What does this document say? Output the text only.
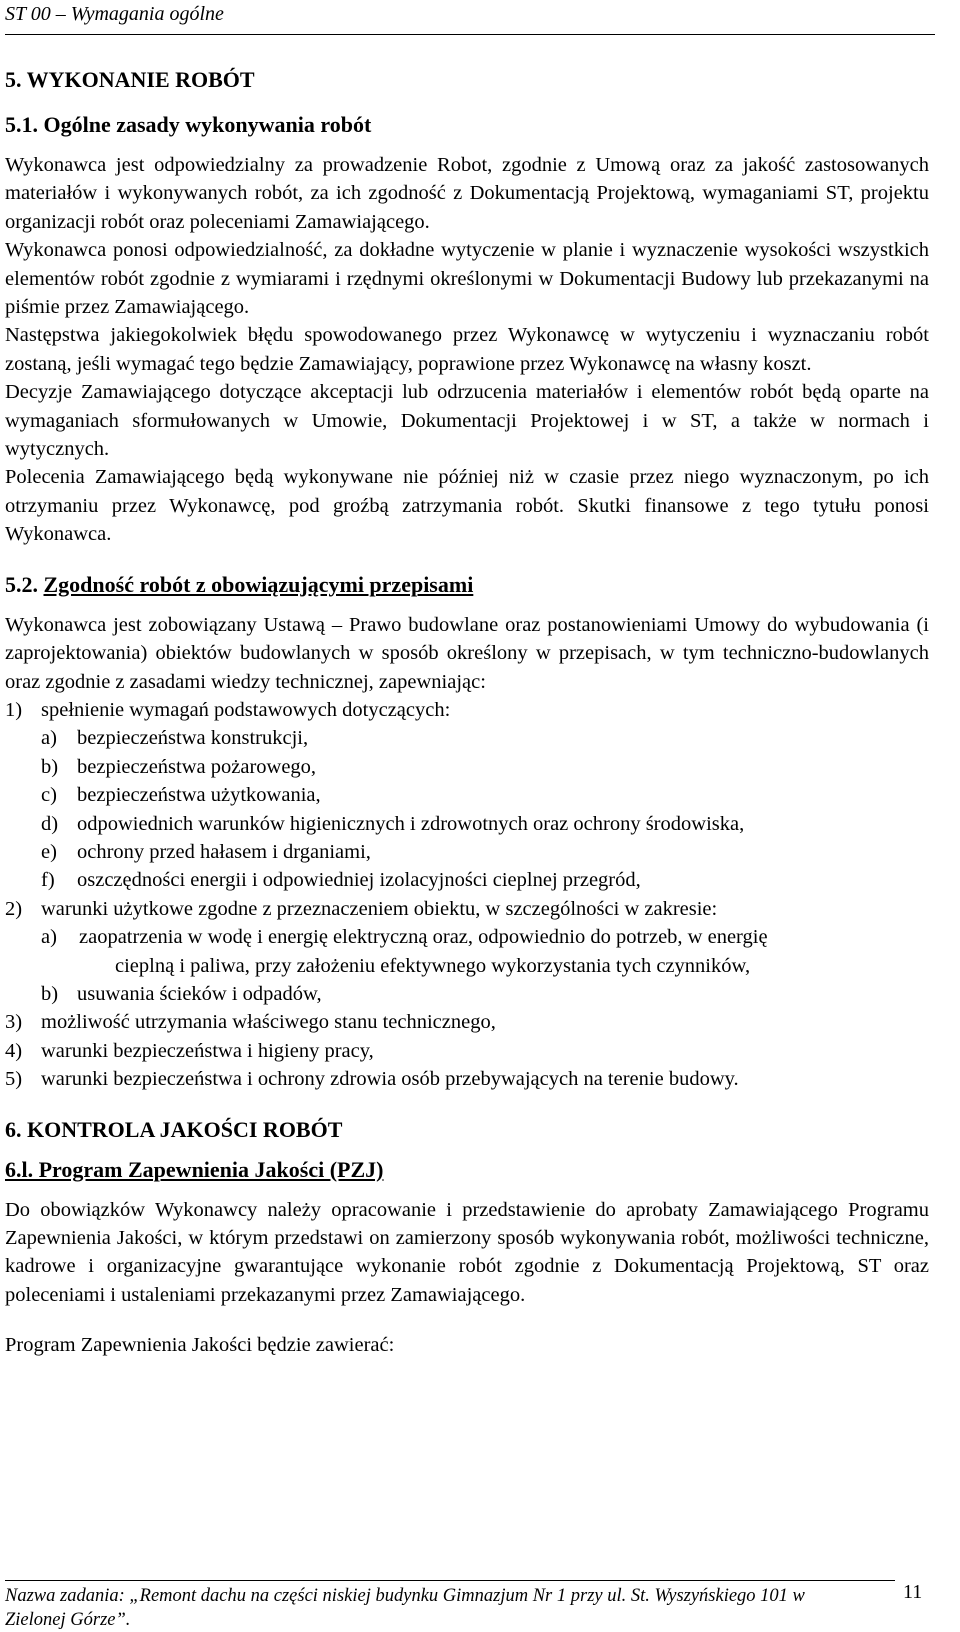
ST 00 – Wymagania ogólne
5. WYKONANIE ROBÓT
5.1. Ogólne zasady wykonywania robót

Wykonawca jest odpowiedzialny za prowadzenie Robot, zgodnie z Umową oraz za jakość zastosowanych materiałów i wykonywanych robót, za ich zgodność z Dokumentacją Projektową, wymaganiami ST, projektu organizacji robót oraz poleceniami Zamawiającego.

Wykonawca ponosi odpowiedzialność, za dokładne wytyczenie w planie i wyznaczenie wysokości wszystkich elementów robót zgodnie z wymiarami i rzędnymi określonymi w Dokumentacji Budowy lub przekazanymi na piśmie przez Zamawiającego.

Następstwa jakiegokolwiek błędu spowodowanego przez Wykonawcę w wytyczeniu i wyznaczaniu robót zostaną, jeśli wymagać tego będzie Zamawiający, poprawione przez Wykonawcę na własny koszt.

Decyzje Zamawiającego dotyczące akceptacji lub odrzucenia materiałów i elementów robót będą oparte na wymaganiach sformułowanych w Umowie, Dokumentacji Projektowej i w ST, a także w normach i wytycznych.

Polecenia Zamawiającego będą wykonywane nie później niż w czasie przez niego wyznaczonym, po ich otrzymaniu przez Wykonawcę, pod groźbą zatrzymania robót. Skutki finansowe z tego tytułu ponosi Wykonawca.

5.2. Zgodność robót z obowiązującymi przepisami

Wykonawca jest zobowiązany Ustawą – Prawo budowlane oraz postanowieniami Umowy do wybudowania (i zaprojektowania) obiektów budowlanych w sposób określony w przepisach, w tym techniczno-budowlanych oraz zgodnie z zasadami wiedzy technicznej, zapewniając:

1) spełnienie wymagań podstawowych dotyczących:
a) bezpieczeństwa konstrukcji,
b) bezpieczeństwa pożarowego,
c) bezpieczeństwa użytkowania,
d) odpowiednich warunków higienicznych i zdrowotnych oraz ochrony środowiska,
e) ochrony przed hałasem i drganiami,
f) oszczędności energii i odpowiedniej izolacyjności cieplnej przegród,
2) warunki użytkowe zgodne z przeznaczeniem obiektu, w szczególności w zakresie:
a) zaopatrzenia w wodę i energię elektryczną oraz, odpowiednio do potrzeb, w energię
cieplną i paliwa, przy założeniu efektywnego wykorzystania tych czynników,
b) usuwania ścieków i odpadów,
3) możliwość utrzymania właściwego stanu technicznego,
4) warunki bezpieczeństwa i higieny pracy,
5) warunki bezpieczeństwa i ochrony zdrowia osób przebywających na terenie budowy.
6. KONTROLA JAKOŚCI ROBÓT
6.l. Program Zapewnienia Jakości (PZJ)

Do obowiązków Wykonawcy należy opracowanie i przedstawienie do aprobaty Zamawiającego Programu Zapewnienia Jakości, w którym przedstawi on zamierzony sposób wykonywania robót, możliwości techniczne, kadrowe i organizacyjne gwarantujące wykonanie robót zgodnie z Dokumentacją Projektową, ST oraz poleceniami i ustaleniami przekazanymi przez Zamawiającego.

Program Zapewnienia Jakości będzie zawierać:

Nazwa zadania: „Remont dachu na części niskiej budynku Gimnazjum Nr 1 przy ul. St. Wyszyńskiego 101 w Zielonej Górze”.
11
